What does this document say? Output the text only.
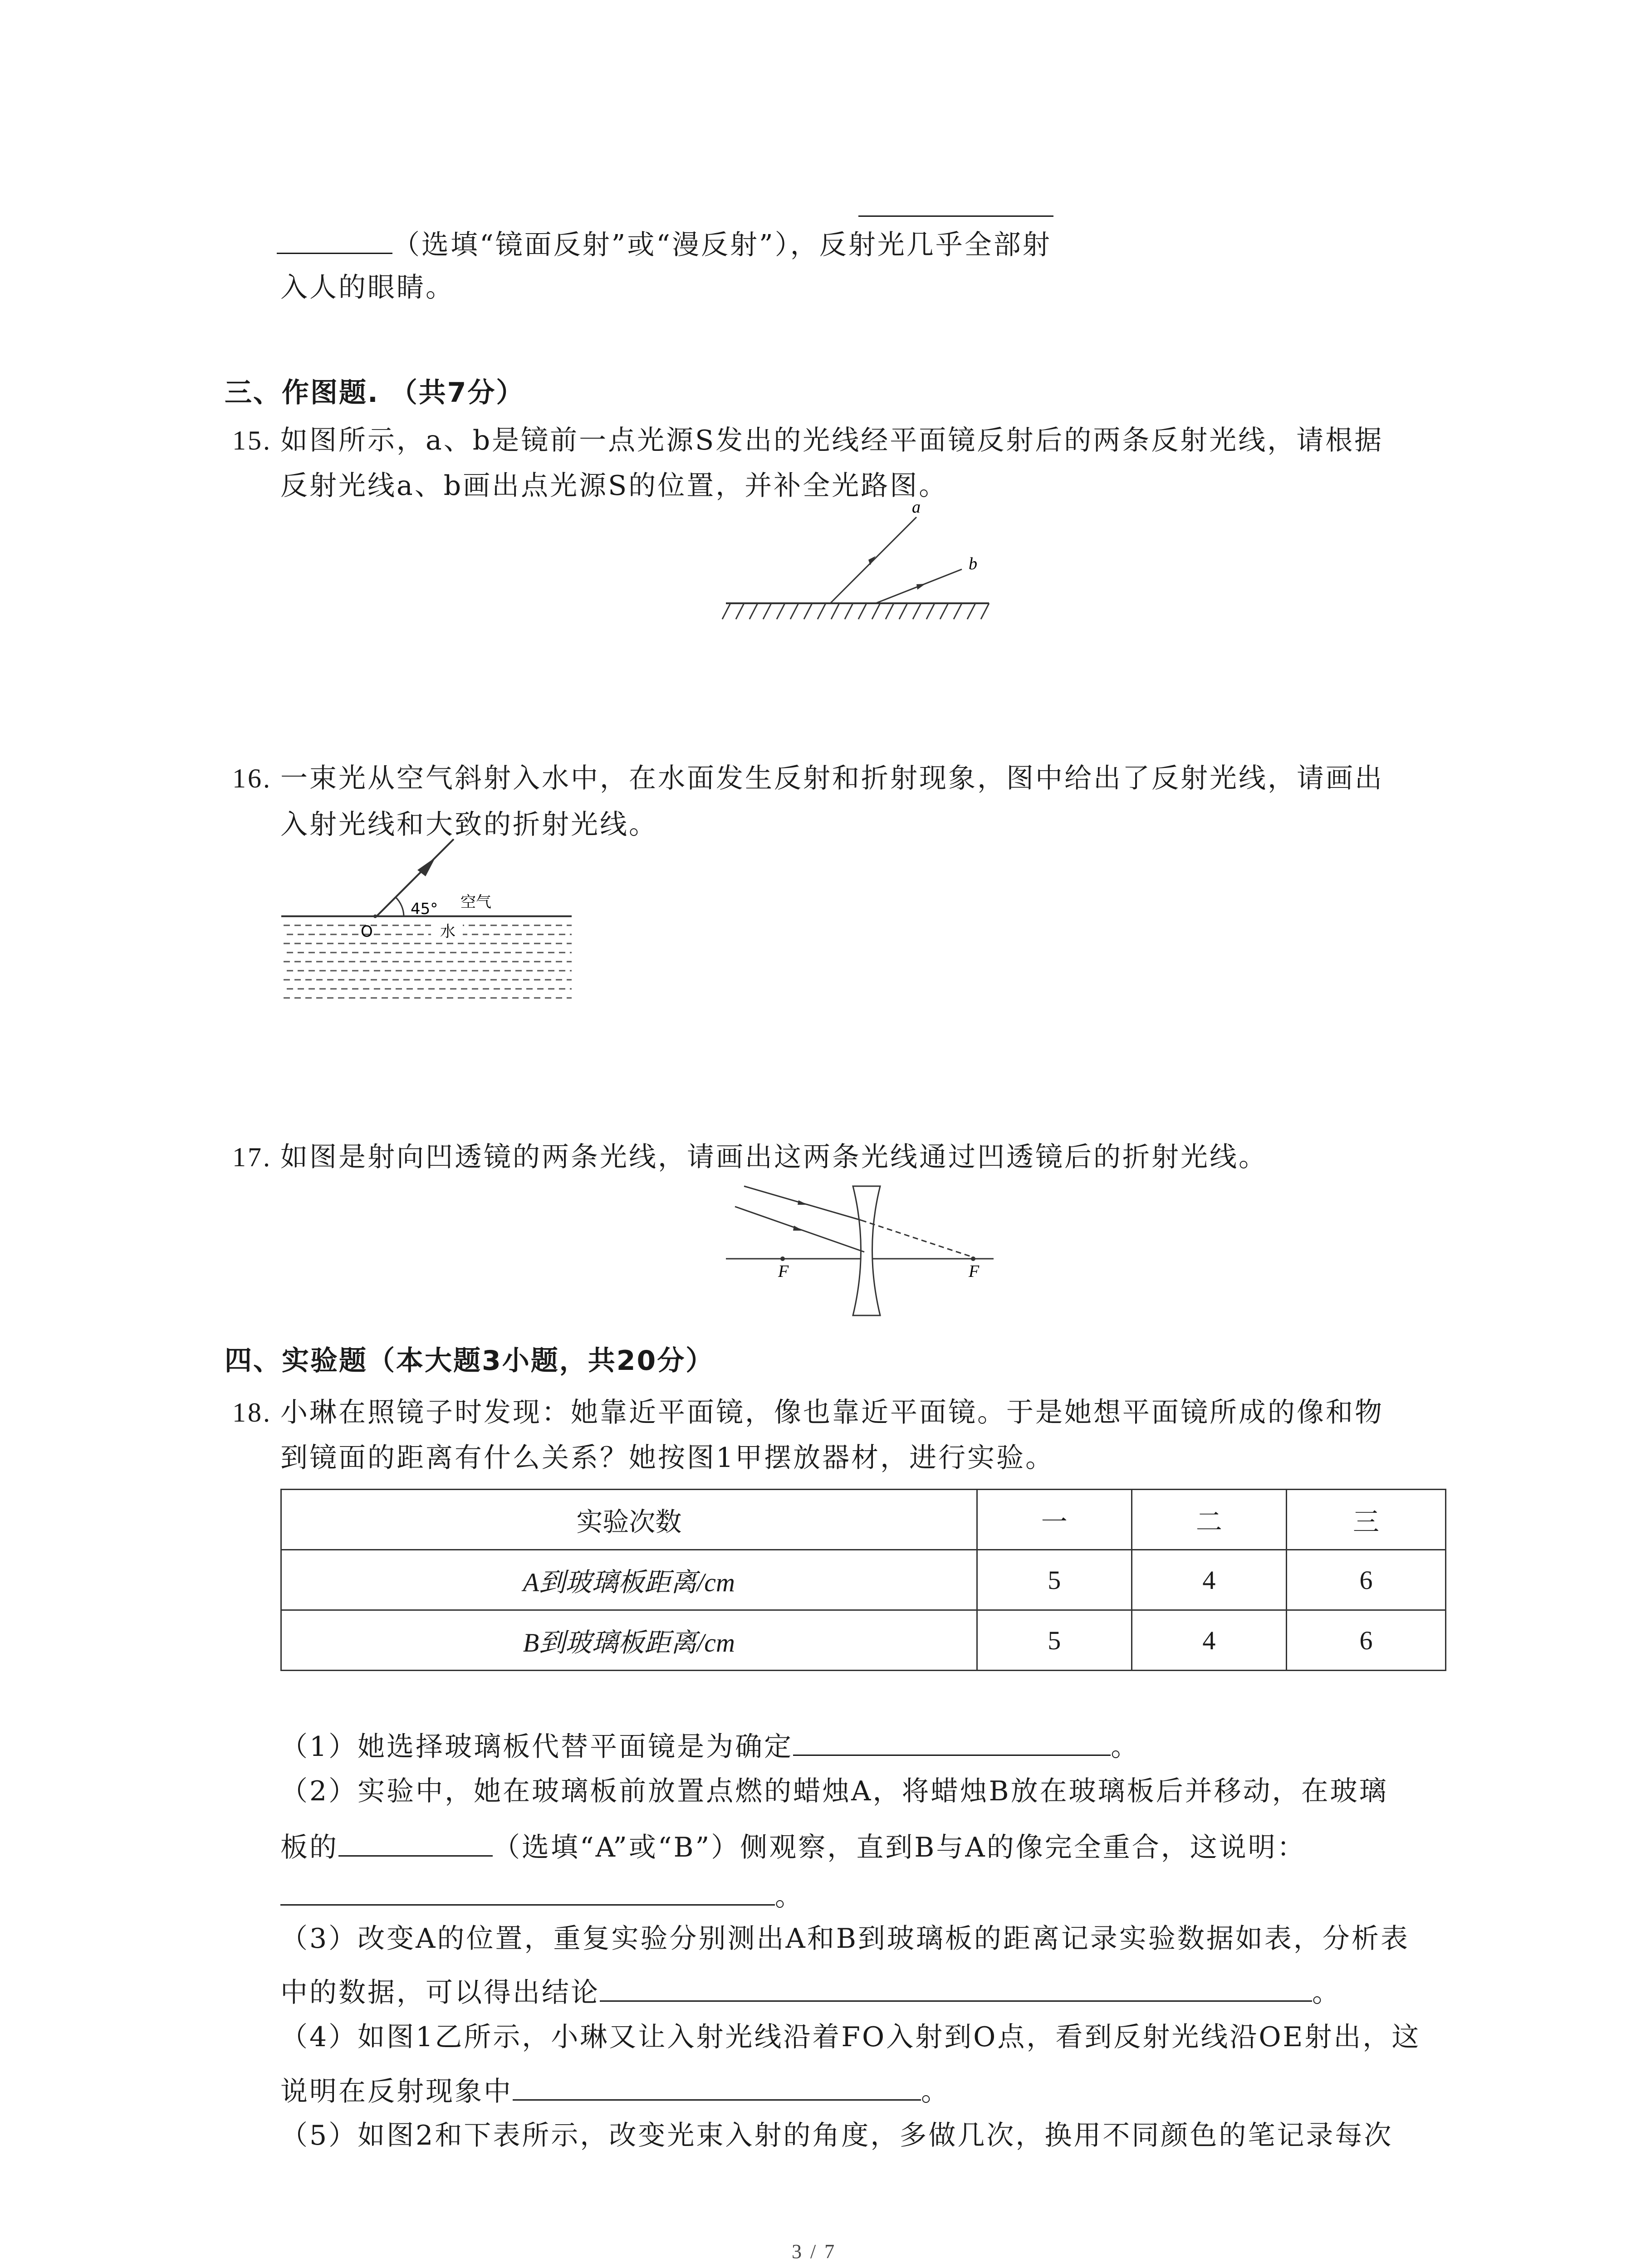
（选填“镜面反射”或“漫反射”），反射光几乎全部射
入人的眼睛。
三、作图题. （共7分）
15. 如图所示，a、b是镜前一点光源S发出的光线经平面镜反射后的两条反射光线，请根据
反射光线a、b画出点光源S的位置，并补全光路图。
a
b
16. 一束光从空气斜射入水中，在水面发生反射和折射现象，图中给出了反射光线，请画出
入射光线和大致的折射光线。
45° 空气
水
O
17. 如图是射向凹透镜的两条光线，请画出这两条光线通过凹透镜后的折射光线。
F	F
四、实验题（本大题3小题，共20分）
18. 小琳在照镜子时发现：她靠近平面镜，像也靠近平面镜。于是她想平面镜所成的像和物
到镜面的距离有什么关系？她按图1甲摆放器材，进行实验。
实验次数	一	二	三
A到玻璃板距离/cm	5	4	6
B到玻璃板距离/cm	5	4	6
（1）她选择玻璃板代替平面镜是为确定	。
（2）实验中，她在玻璃板前放置点燃的蜡烛A，将蜡烛B放在玻璃板后并移动，在玻璃
板的	（选填“A”或“B”）侧观察，直到B与A的像完全重合，这说明：
。
（3）改变A的位置，重复实验分别测出A和B到玻璃板的距离记录实验数据如表，分析表
中的数据，可以得出结论	。
（4）如图1乙所示，小琳又让入射光线沿着FO入射到O点，看到反射光线沿OE射出，这
说明在反射现象中	。
（5）如图2和下表所示，改变光束入射的角度，多做几次，换用不同颜色的笔记录每次
3 / 7
